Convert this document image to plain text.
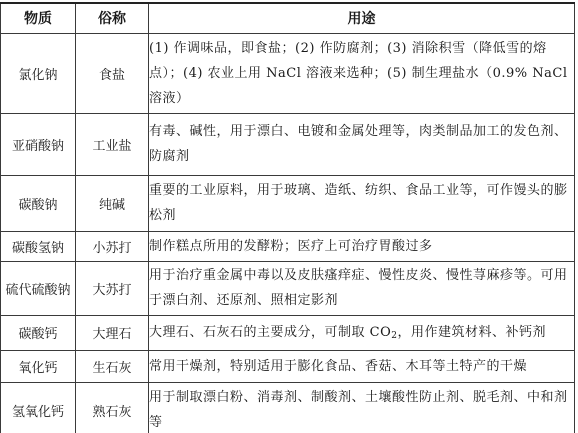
物质	俗称	用途
氯化钠	食盐	(1) 作调味品，即食盐；(2) 作防腐剂；(3) 消除积雪（降低雪的熔点）；(4) 农业上用 NaCl 溶液来选种；(5) 制生理盐水（0.9% NaCl 溶液）
亚硝酸钠	工业盐	有毒、碱性，用于漂白、电镀和金属处理等，肉类制品加工的发色剂、防腐剂
碳酸钠	纯碱	重要的工业原料，用于玻璃、造纸、纺织、食品工业等，可作馒头的膨松剂
碳酸氢钠	小苏打	制作糕点所用的发酵粉；医疗上可治疗胃酸过多
硫代硫酸钠	大苏打	用于治疗重金属中毒以及皮肤瘙痒症、慢性皮炎、慢性荨麻疹等。可用于漂白剂、还原剂、照相定影剂
碳酸钙	大理石	大理石、石灰石的主要成分，可制取 $CO_2$，用作建筑材料、补钙剂
氧化钙	生石灰	常用干燥剂，特别适用于膨化食品、香菇、木耳等土特产的干燥
氢氧化钙	熟石灰	用于制取漂白粉、消毒剂、制酸剂、土壤酸性防止剂、脱毛剂、中和剂等
